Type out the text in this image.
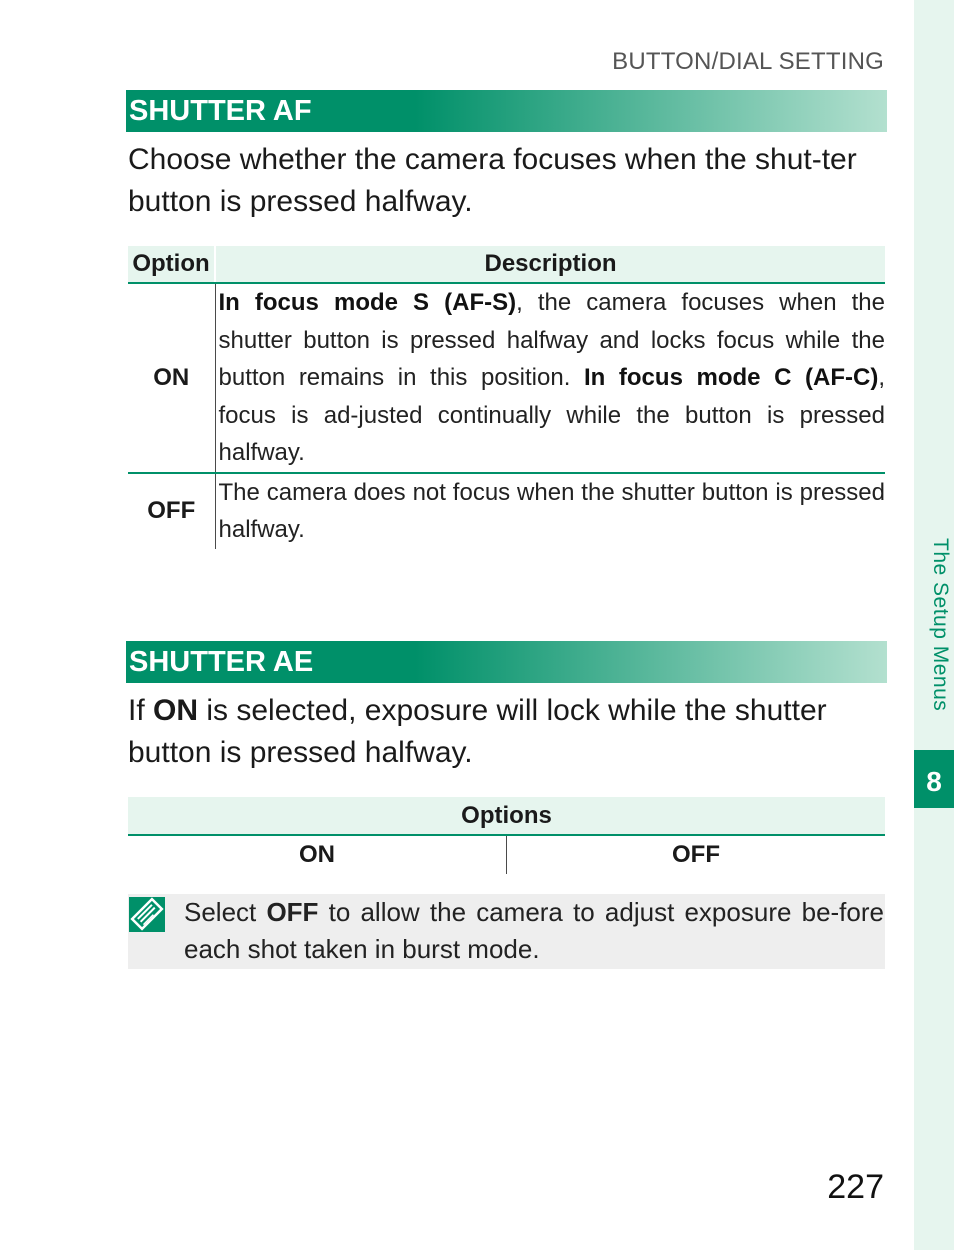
BUTTON/DIAL SETTING
SHUTTER AF

Choose whether the camera focuses when the shut-ter button is pressed halfway.

Option	Description
ON	In focus mode S (AF-S), the camera focuses when the shutter button is pressed halfway and locks focus while the button remains in this position. In focus mode C (AF-C), focus is ad-justed continually while the button is pressed halfway.
OFF	The camera does not focus when the shutter button is pressed halfway.
SHUTTER AE

If ON is selected, exposure will lock while the shutter button is pressed halfway.

Options
ON	OFF

Select OFF to allow the camera to adjust exposure be-fore each shot taken in burst mode.

The Setup Menus
8
227
